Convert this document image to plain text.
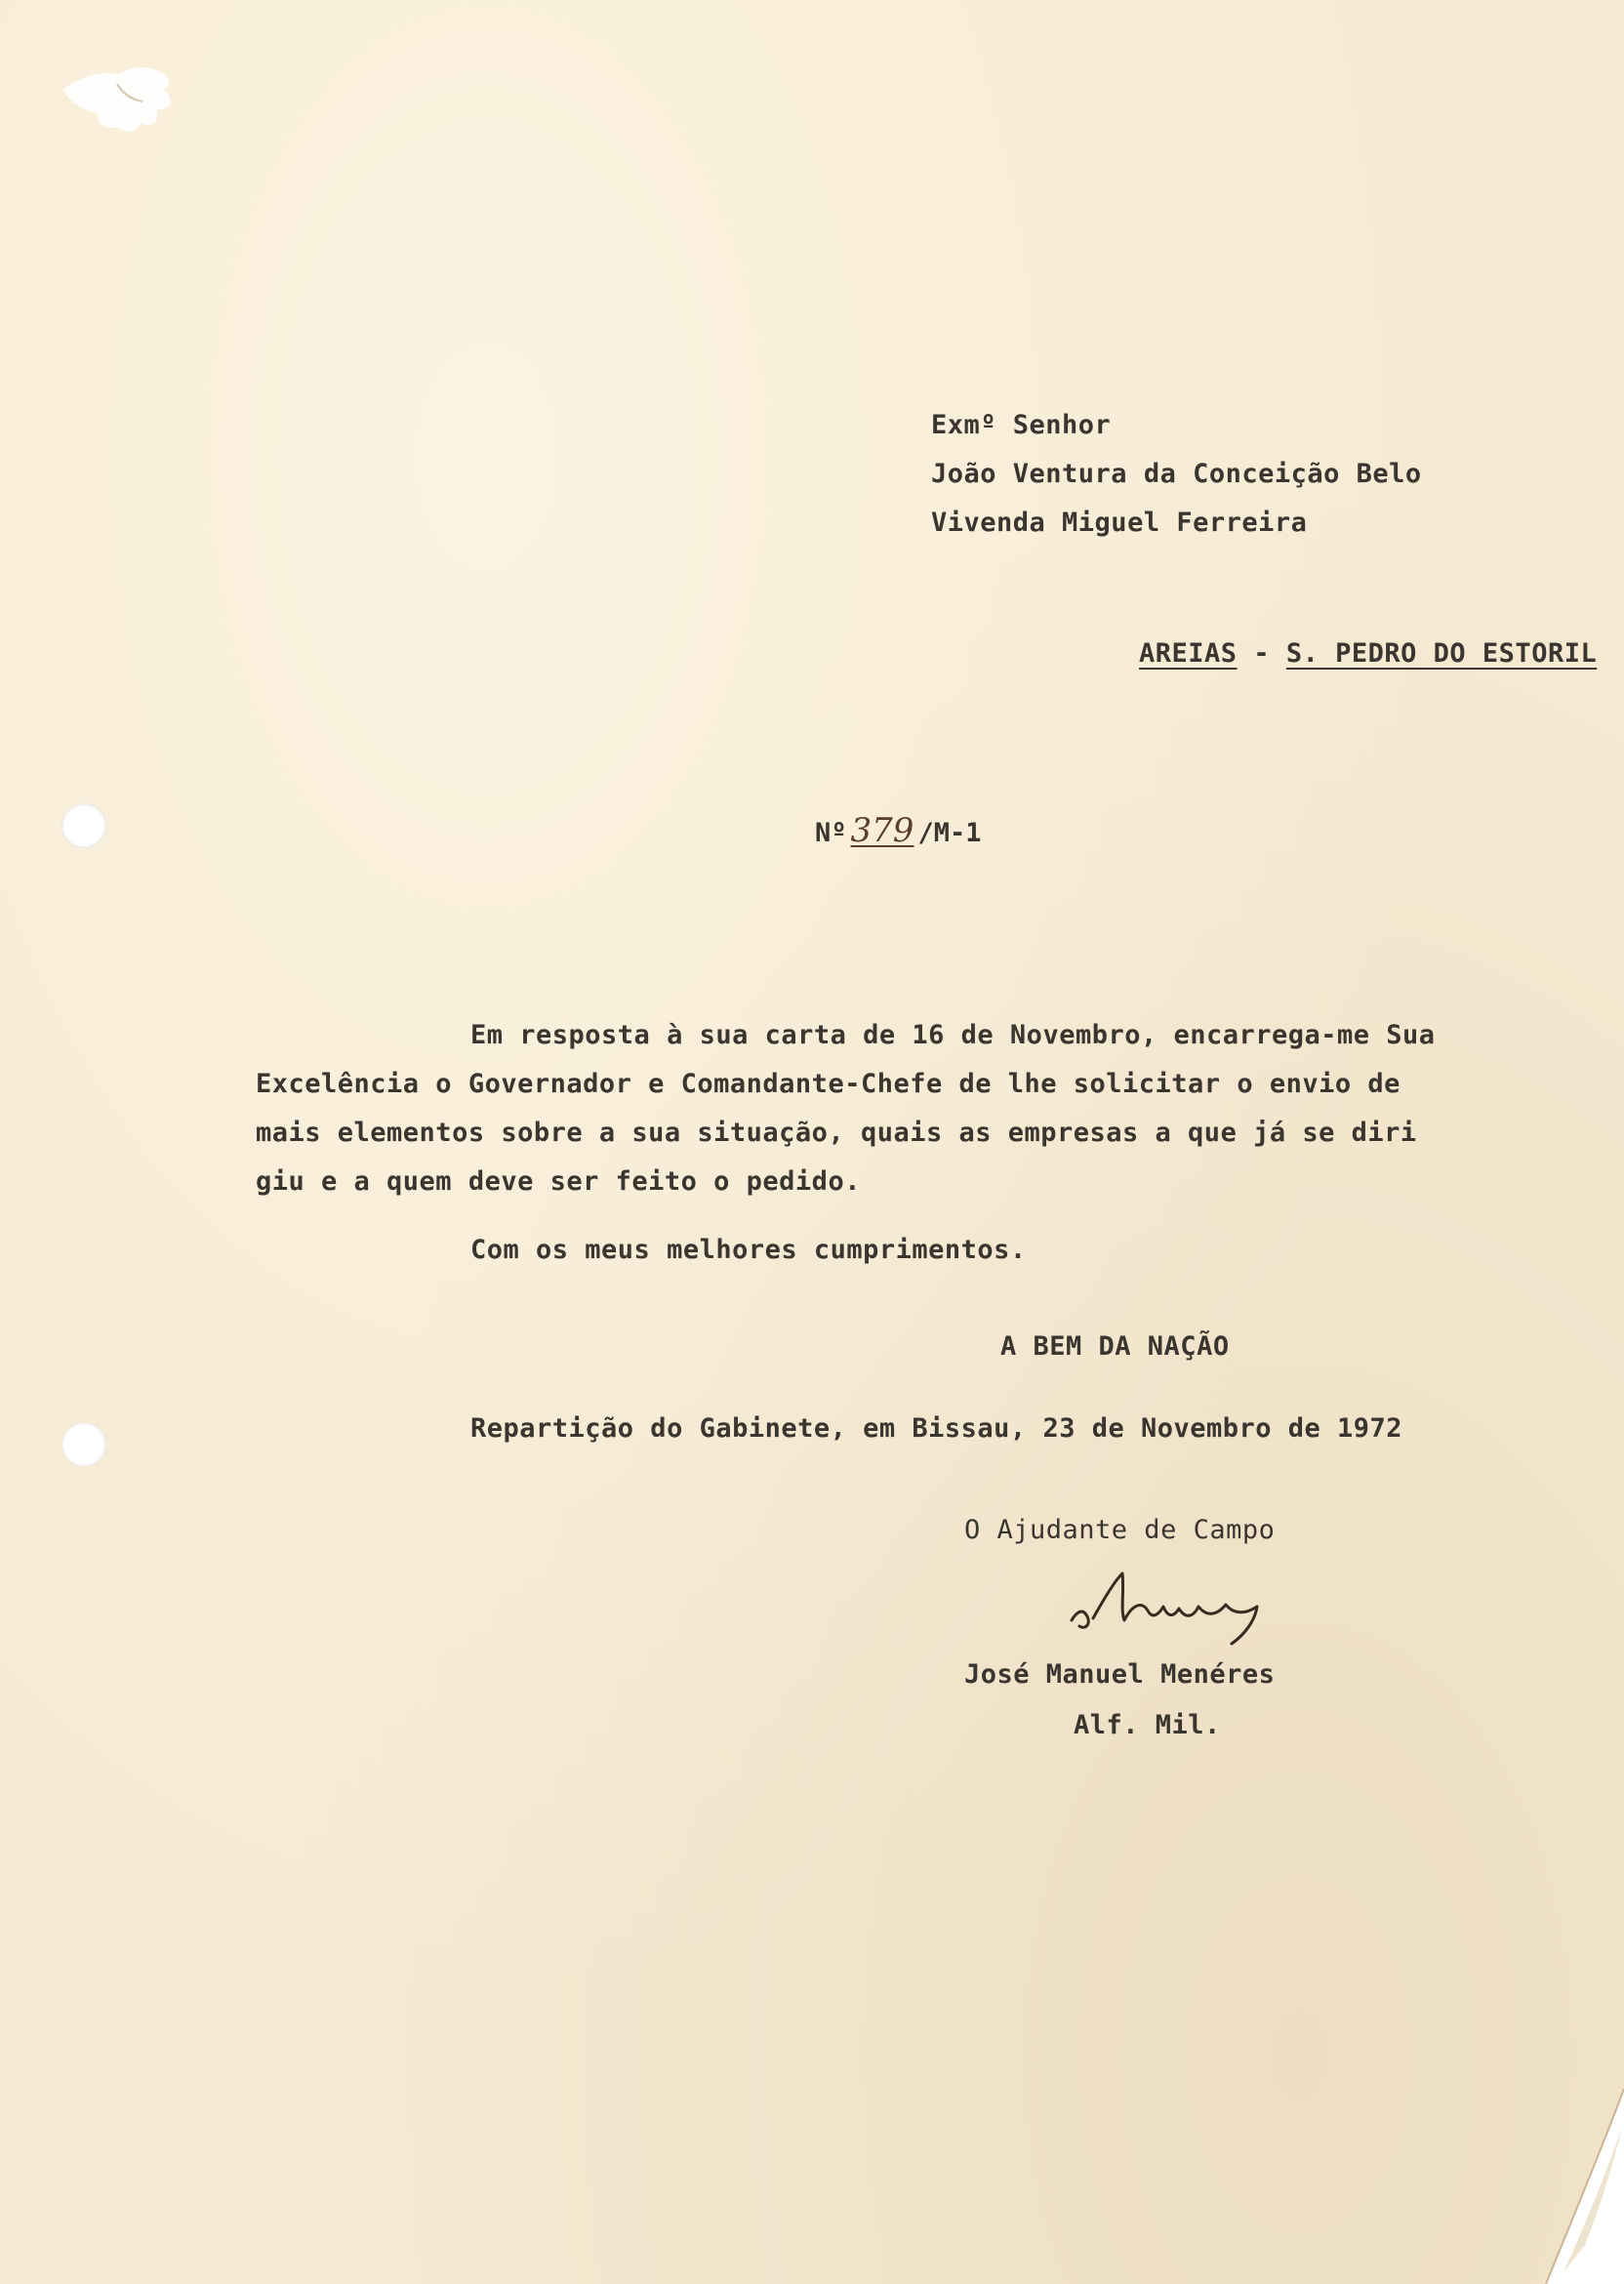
Exmº Senhor

João Ventura da Conceição Belo

Vivenda Miguel Ferreira

AREIAS - S. PEDRO DO ESTORIL

Nº 379 /M-1

Em resposta à sua carta de 16 de Novembro, encarrega-me Sua

Excelência o Governador e Comandante-Chefe de lhe solicitar o envio de

mais elementos sobre a sua situação, quais as empresas a que já se diri

giu e a quem deve ser feito o pedido.

Com os meus melhores cumprimentos.

A BEM DA NAÇÃO

Repartição do Gabinete, em Bissau, 23 de Novembro de 1972

O Ajudante de Campo

José Manuel Menéres

Alf. Mil.
